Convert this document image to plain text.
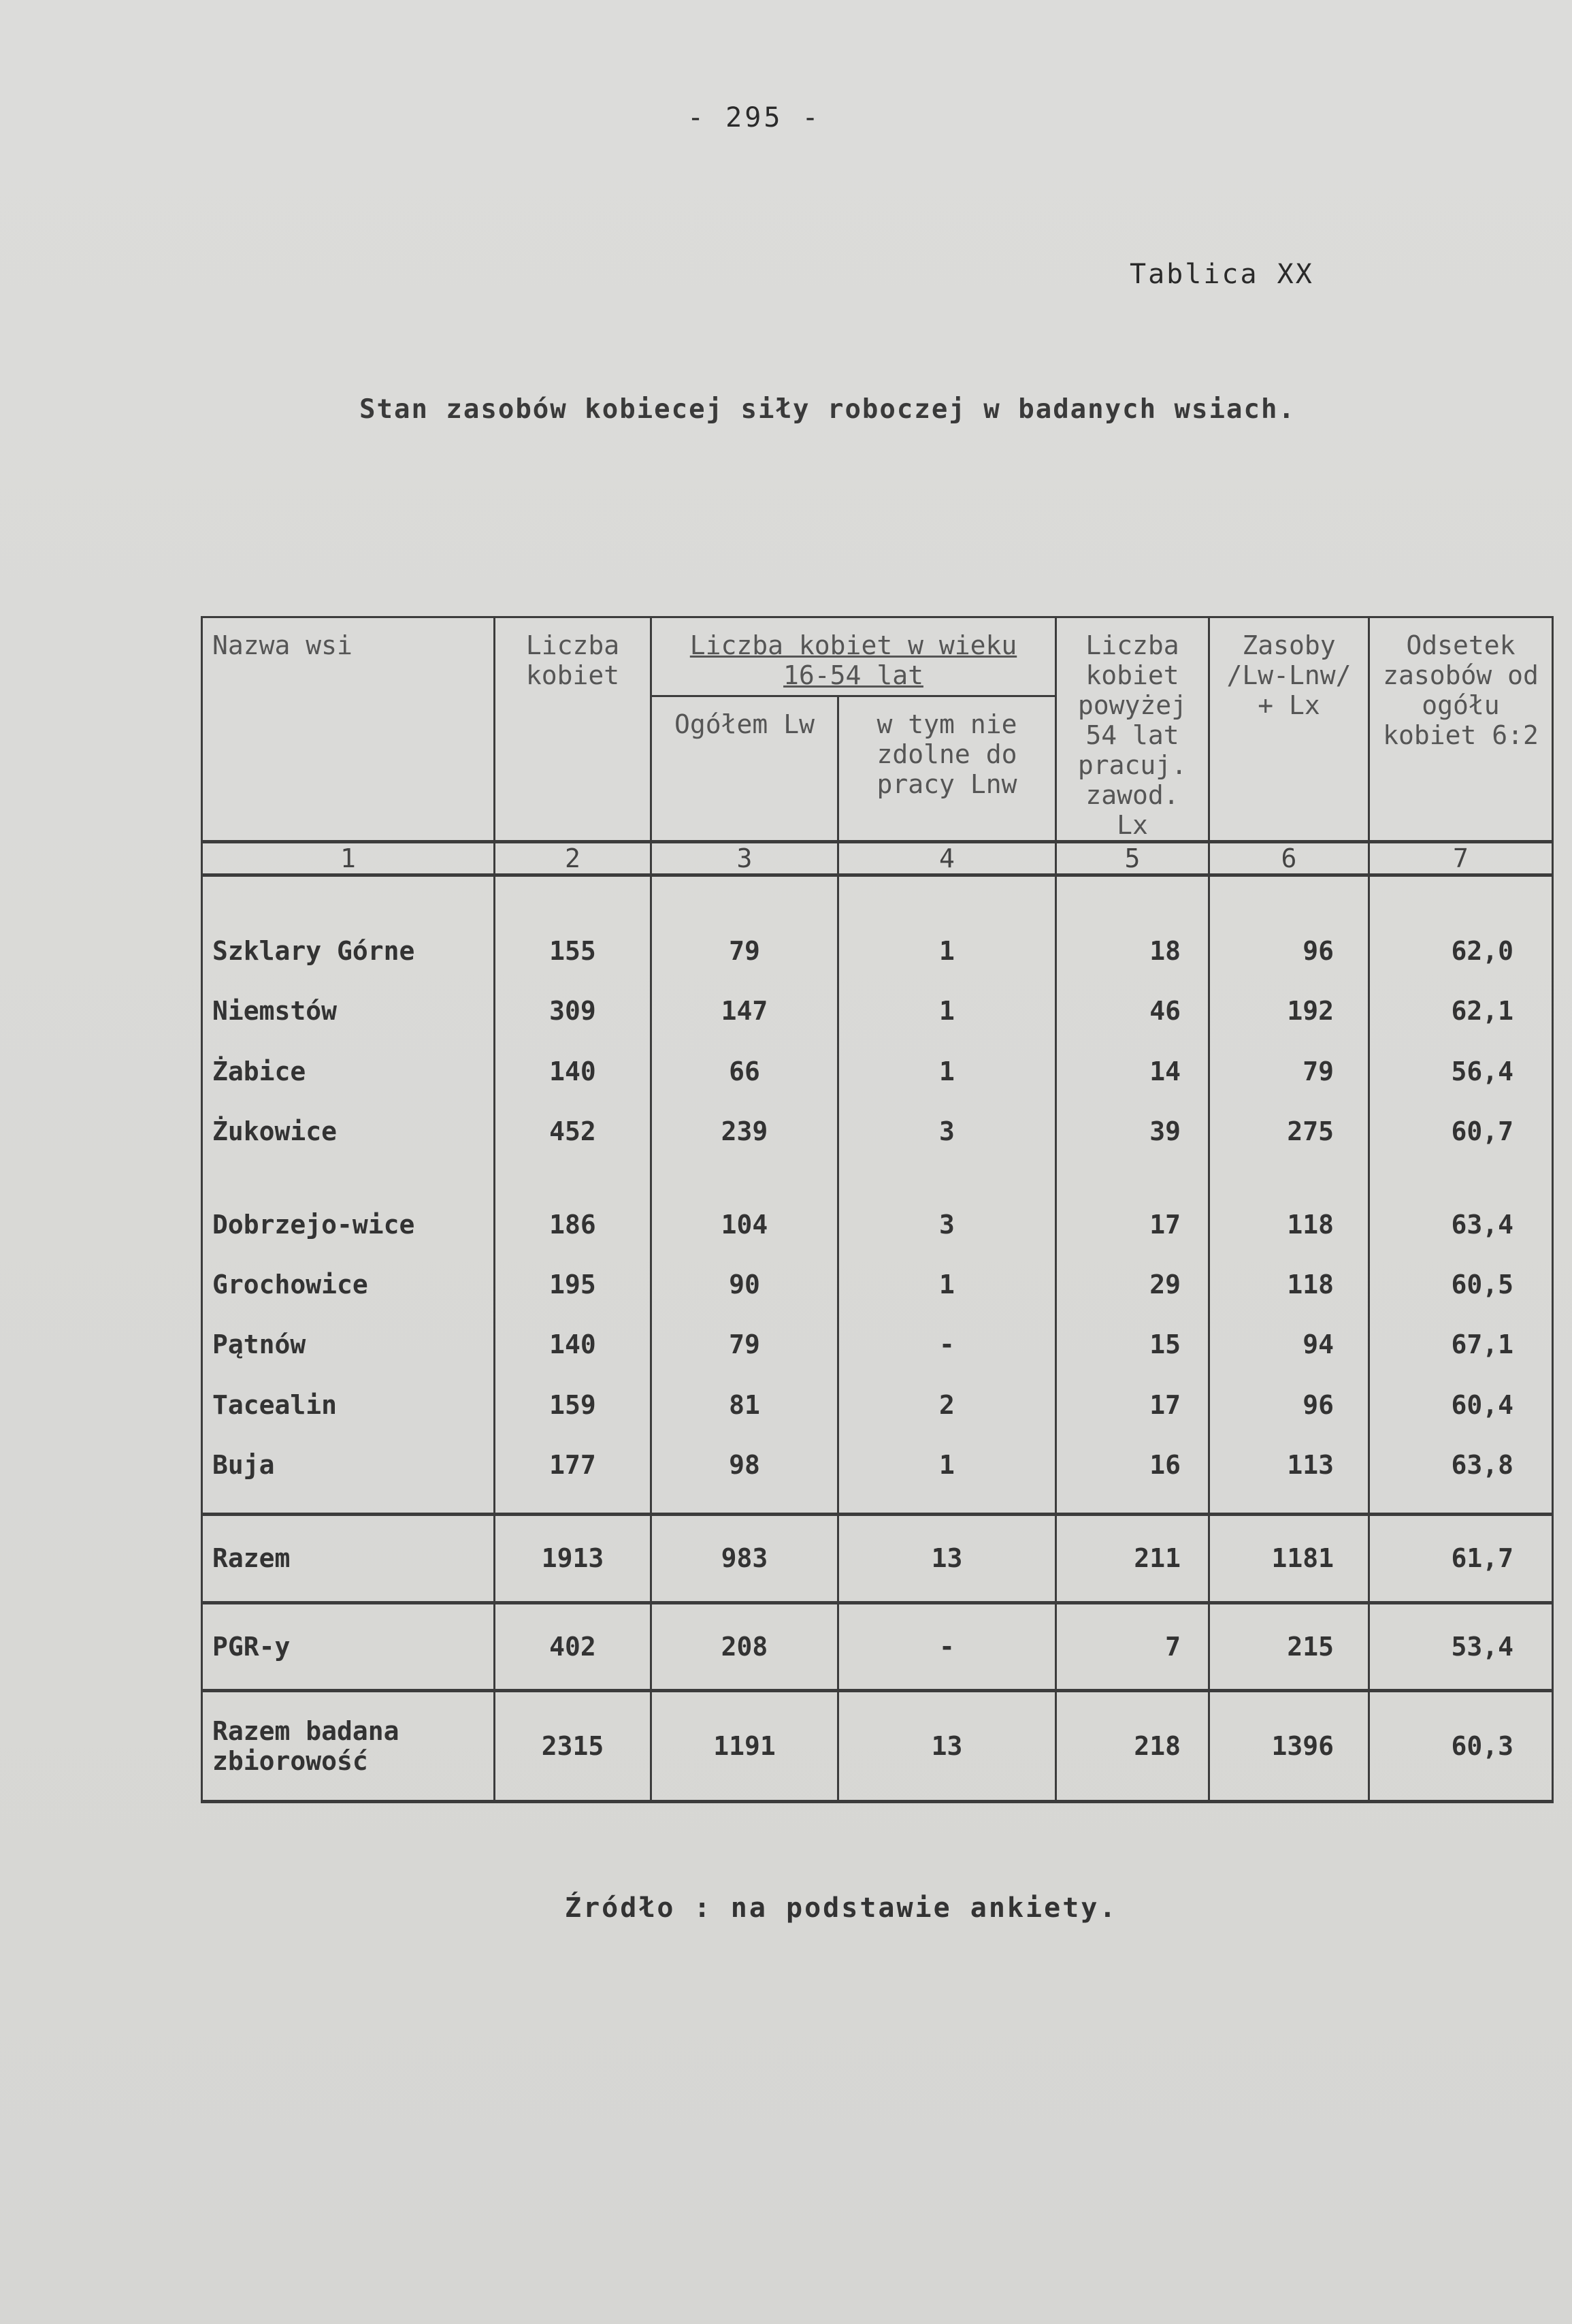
- 295 -
Tablica XX
Stan zasobów kobiecej siły roboczej w badanych wsiach.
Nazwa wsi	Liczba kobiet	Liczba kobiet w wieku 16-54 lat		Liczba kobiet powyżej 54 lat pracuj. zawod. Lx	Zasoby /Lw-Lnw/ + Lx	Odsetek zasobów od ogółu kobiet 6:2
		Ogółem Lw	w tym nie zdolne do pracy Lnw			
1	2	3	4	5	6	7
Szklary Górne	155	79	1	18	96	62,0
Niemstów	309	147	1	46	192	62,1
Żabice	140	66	1	14	79	56,4
Żukowice	452	239	3	39	275	60,7
Dobrzejo-wice	186	104	3	17	118	63,4
Grochowice	195	90	1	29	118	60,5
Pątnów	140	79	-	15	94	67,1
Tacealin	159	81	2	17	96	60,4
Buja	177	98	1	16	113	63,8

Razem	1913	983	13	211	1181	61,7
PGR-y	402	208	-	7	215	53,4
Razem badana zbiorowość	2315	1191	13	218	1396	60,3
Źródło : na podstawie ankiety.
